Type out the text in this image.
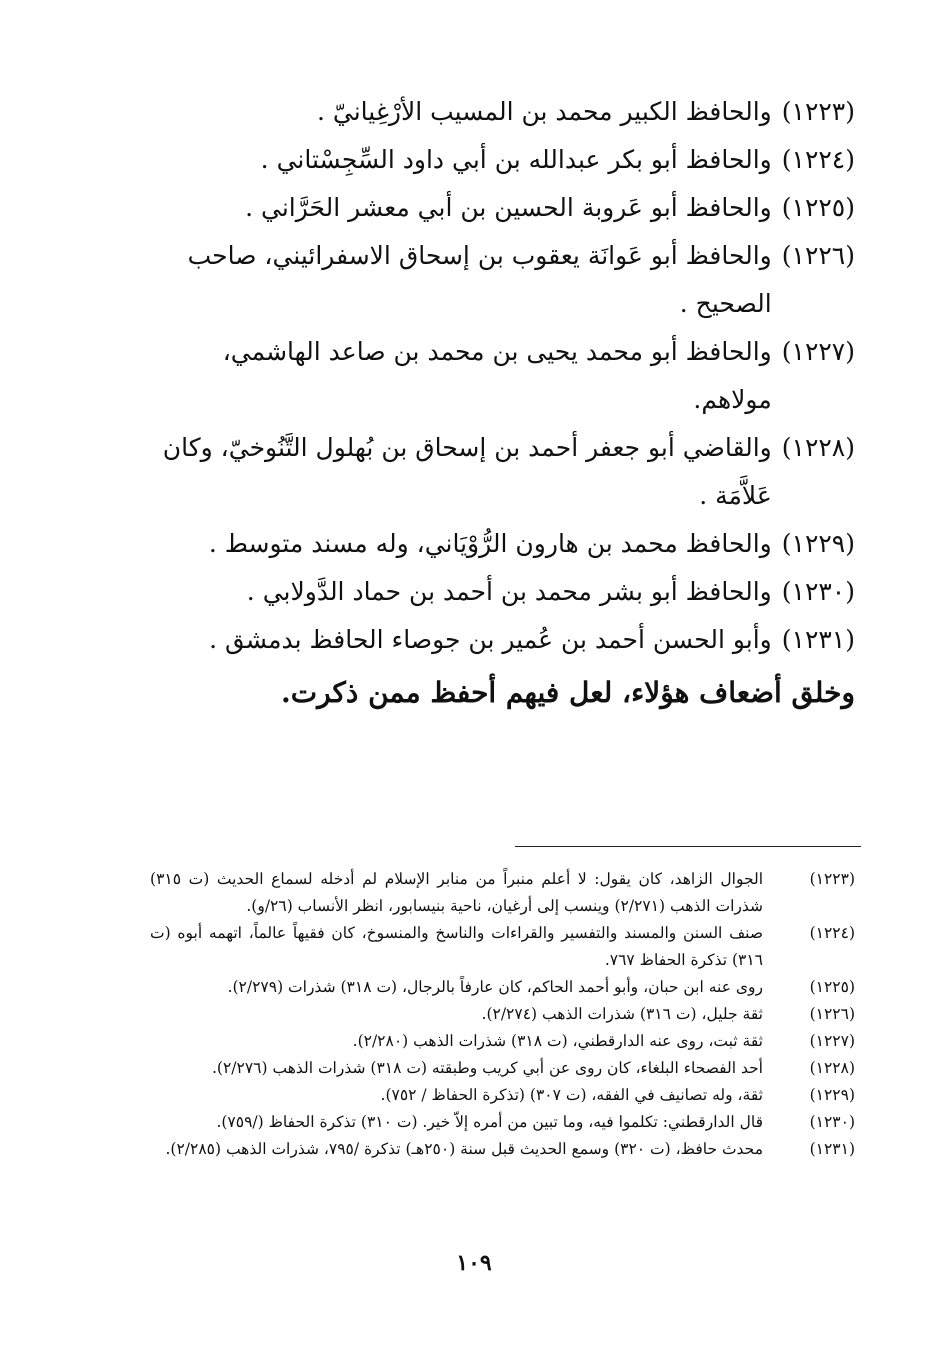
(١٢٢٣)
والحافظ الكبير محمد بن المسيب الأرْغِيانيّ .
(١٢٢٤)
والحافظ أبو بكر عبدالله بن أبي داود السِّجِسْتاني .
(١٢٢٥)
والحافظ أبو عَروبة الحسين بن أبي معشر الحَرَّاني .
(١٢٢٦)
والحافظ أبو عَوانَة يعقوب بن إسحاق الاسفرائيني، صاحب الصحيح .
(١٢٢٧)
والحافظ أبو محمد يحيى بن محمد بن صاعد الهاشمي، مولاهم.
(١٢٢٨)
والقاضي أبو جعفر أحمد بن إسحاق بن بُهلول التَّنُوخيّ، وكان عَلاَّمَة .
(١٢٢٩)
والحافظ محمد بن هارون الرُّوْيَاني، وله مسند متوسط .
(١٢٣٠)
والحافظ أبو بشر محمد بن أحمد بن حماد الدَّولابي .
(١٢٣١)
وأبو الحسن أحمد بن عُمير بن جوصاء الحافظ بدمشق .
وخلق أضعاف هؤلاء، لعل فيهم أحفظ ممن ذكرت.
(١٢٢٣)
الجوال الزاهد، كان يقول: لا أعلم منبراً من منابر الإسلام لم أدخله لسماع الحديث (ت ٣١٥) شذرات الذهب (٢/٢٧١) وينسب إلى أرغيان، ناحية بنيسابور، انظر الأنساب (٢٦/و).
(١٢٢٤)
صنف السنن والمسند والتفسير والقراءات والناسخ والمنسوخ، كان فقيهاً عالماً، اتهمه أبوه (ت ٣١٦) تذكرة الحفاظ ٧٦٧.
(١٢٢٥)
روى عنه ابن حبان، وأبو أحمد الحاكم، كان عارفاً بالرجال، (ت ٣١٨) شذرات (٢/٢٧٩).
(١٢٢٦)
ثقة جليل، (ت ٣١٦) شذرات الذهب (٢/٢٧٤).
(١٢٢٧)
ثقة ثبت، روى عنه الدارقطني، (ت ٣١٨) شذرات الذهب (٢/٢٨٠).
(١٢٢٨)
أحد الفصحاء البلغاء، كان روى عن أبي كريب وطبقته (ت ٣١٨) شذرات الذهب (٢/٢٧٦).
(١٢٢٩)
ثقة، وله تصانيف في الفقه، (ت ٣٠٧) (تذكرة الحفاظ / ٧٥٢).
(١٢٣٠)
قال الدارقطني: تكلموا فيه، وما تبين من أمره إلاّ خير. (ت ٣١٠) تذكرة الحفاظ (/٧٥٩).
(١٢٣١)
محدث حافظ، (ت ٣٢٠) وسمع الحديث قبل سنة (٢٥٠هـ) تذكرة /٧٩٥، شذرات الذهب (٢/٢٨٥).
١٠٩
